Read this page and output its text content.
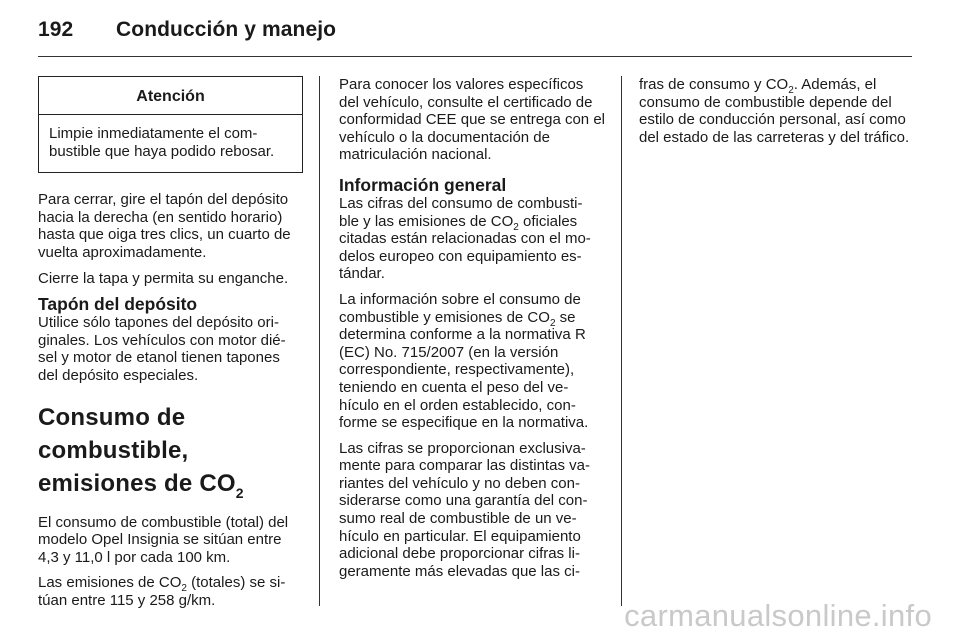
192 Conducción y manejo
Atención
Limpie inmediatamente el com- bustible que haya podido rebosar.

Para cerrar, gire el tapón del depósito hacia la derecha (en sentido horario) hasta que oiga tres clics, un cuarto de vuelta aproximadamente.

Cierre la tapa y permita su enganche.

Tapón del depósito

Utilice sólo tapones del depósito ori- ginales. Los vehículos con motor dié- sel y motor de etanol tienen tapones del depósito especiales.

Consumo de combustible,
emisiones de $CO_2$

El consumo de combustible (total) del modelo Opel Insignia se sitúan entre 4,3 y 11,0 l por cada 100 km.

Las emisiones de $CO_2$ (totales) se si- túan entre 115 y 258 g/km.

Para conocer los valores específicos del vehículo, consulte el certificado de conformidad CEE que se entrega con el vehículo o la documentación de matriculación nacional.

Información general

Las cifras del consumo de combusti- ble y las emisiones de $CO_2$ oficiales citadas están relacionadas con el mo- delos europeo con equipamiento es- tándar.

La información sobre el consumo de combustible y emisiones de $CO_2$ se determina conforme a la normativa R (EC) No. 715/2007 (en la versión correspondiente, respectivamente), teniendo en cuenta el peso del ve- hículo en el orden establecido, con- forme se especifique en la normativa.

Las cifras se proporcionan exclusiva- mente para comparar las distintas va- riantes del vehículo y no deben con- siderarse como una garantía del con- sumo real de combustible de un ve- hículo en particular. El equipamiento adicional debe proporcionar cifras li- geramente más elevadas que las ci-

fras de consumo y $CO_2$. Además, el consumo de combustible depende del estilo de conducción personal, así como del estado de las carreteras y del tráfico.

carmanualsonline.info
